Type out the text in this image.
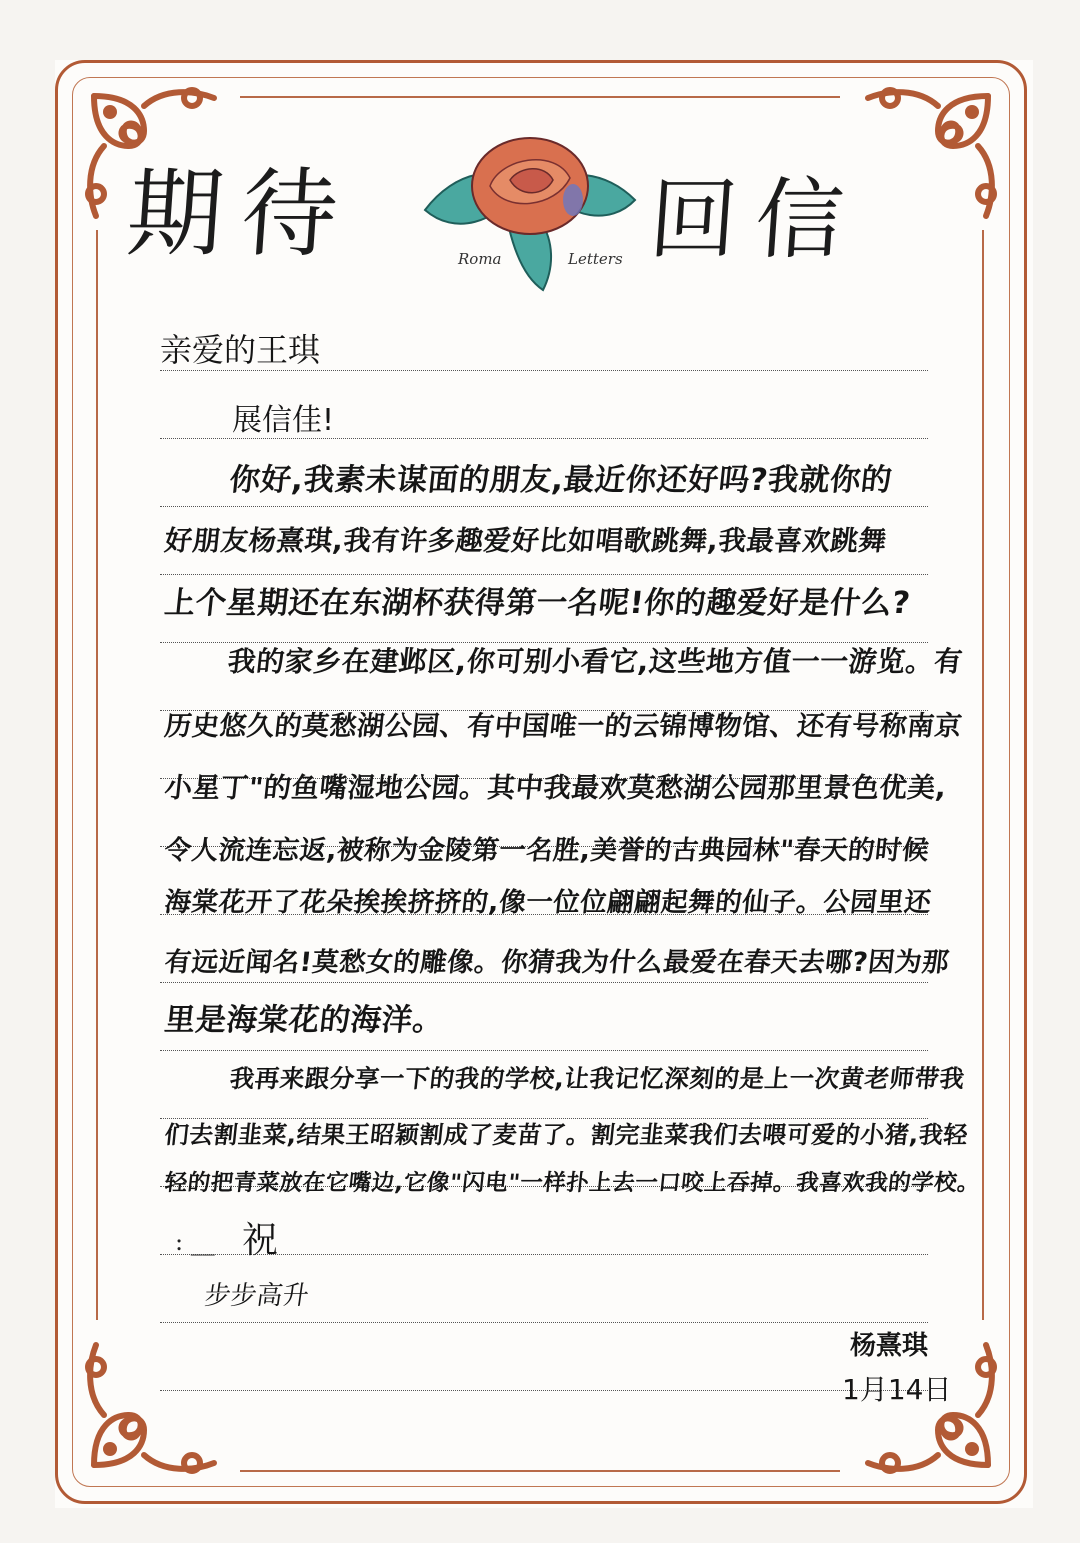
期待	回信
Roma	Letters
亲爱的王琪
展信佳!
你好,我素未谋面的朋友,最近你还好吗?我就你的
好朋友杨熹琪,我有许多趣爱好比如唱歌跳舞,我最喜欢跳舞
上个星期还在东湖杯获得第一名呢!你的趣爱好是什么?
我的家乡在建邺区,你可别小看它,这些地方值一一游览。有
历史悠久的莫愁湖公园、有中国唯一的云锦博物馆、还有号称南京
小星丁"的鱼嘴湿地公园。其中我最欢莫愁湖公园那里景色优美,
令人流连忘返,被称为金陵第一名胜,美誉的古典园林"春天的时候
海棠花开了花朵挨挨挤挤的,像一位位翩翩起舞的仙子。公园里还
有远近闻名!莫愁女的雕像。你猜我为什么最爱在春天去哪?因为那
里是海棠花的海洋。
我再来跟分享一下的我的学校,让我记忆深刻的是上一次黄老师带我
们去割韭菜,结果王昭颖割成了麦苗了。割完韭菜我们去喂可爱的小猪,我轻
轻的把青菜放在它嘴边,它像"闪电"一样扑上去一口咬上吞掉。我喜欢我的学校。
: __ 祝
步步高升
杨熹琪
1月14日
